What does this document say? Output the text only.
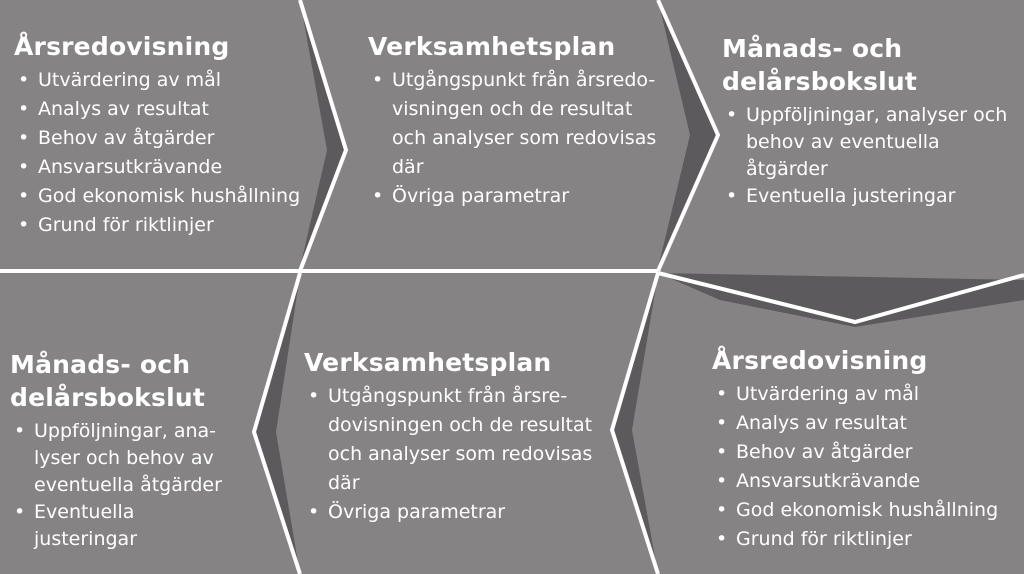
Årsredovisning
• Utvärdering av mål
• Analys av resultat
• Behov av åtgärder
• Ansvarsutkrävande
• God ekonomisk hushållning
• Grund för riktlinjer
Verksamhetsplan
• Utgångspunkt från årsredo- visningen och de resultat och analyser som redovisas där
• Övriga parametrar
Månads- och delårsbokslut
• Uppföljningar, analyser och behov av eventuella åtgärder
• Eventuella justeringar
Månads- och delårsbokslut
• Uppföljningar, ana- lyser och behov av eventuella åtgärder
• Eventuella justeringar
Verksamhetsplan
• Utgångspunkt från årsre- dovisningen och de resultat och analyser som redovisas där
• Övriga parametrar
Årsredovisning
• Utvärdering av mål
• Analys av resultat
• Behov av åtgärder
• Ansvarsutkrävande
• God ekonomisk hushållning
• Grund för riktlinjer
